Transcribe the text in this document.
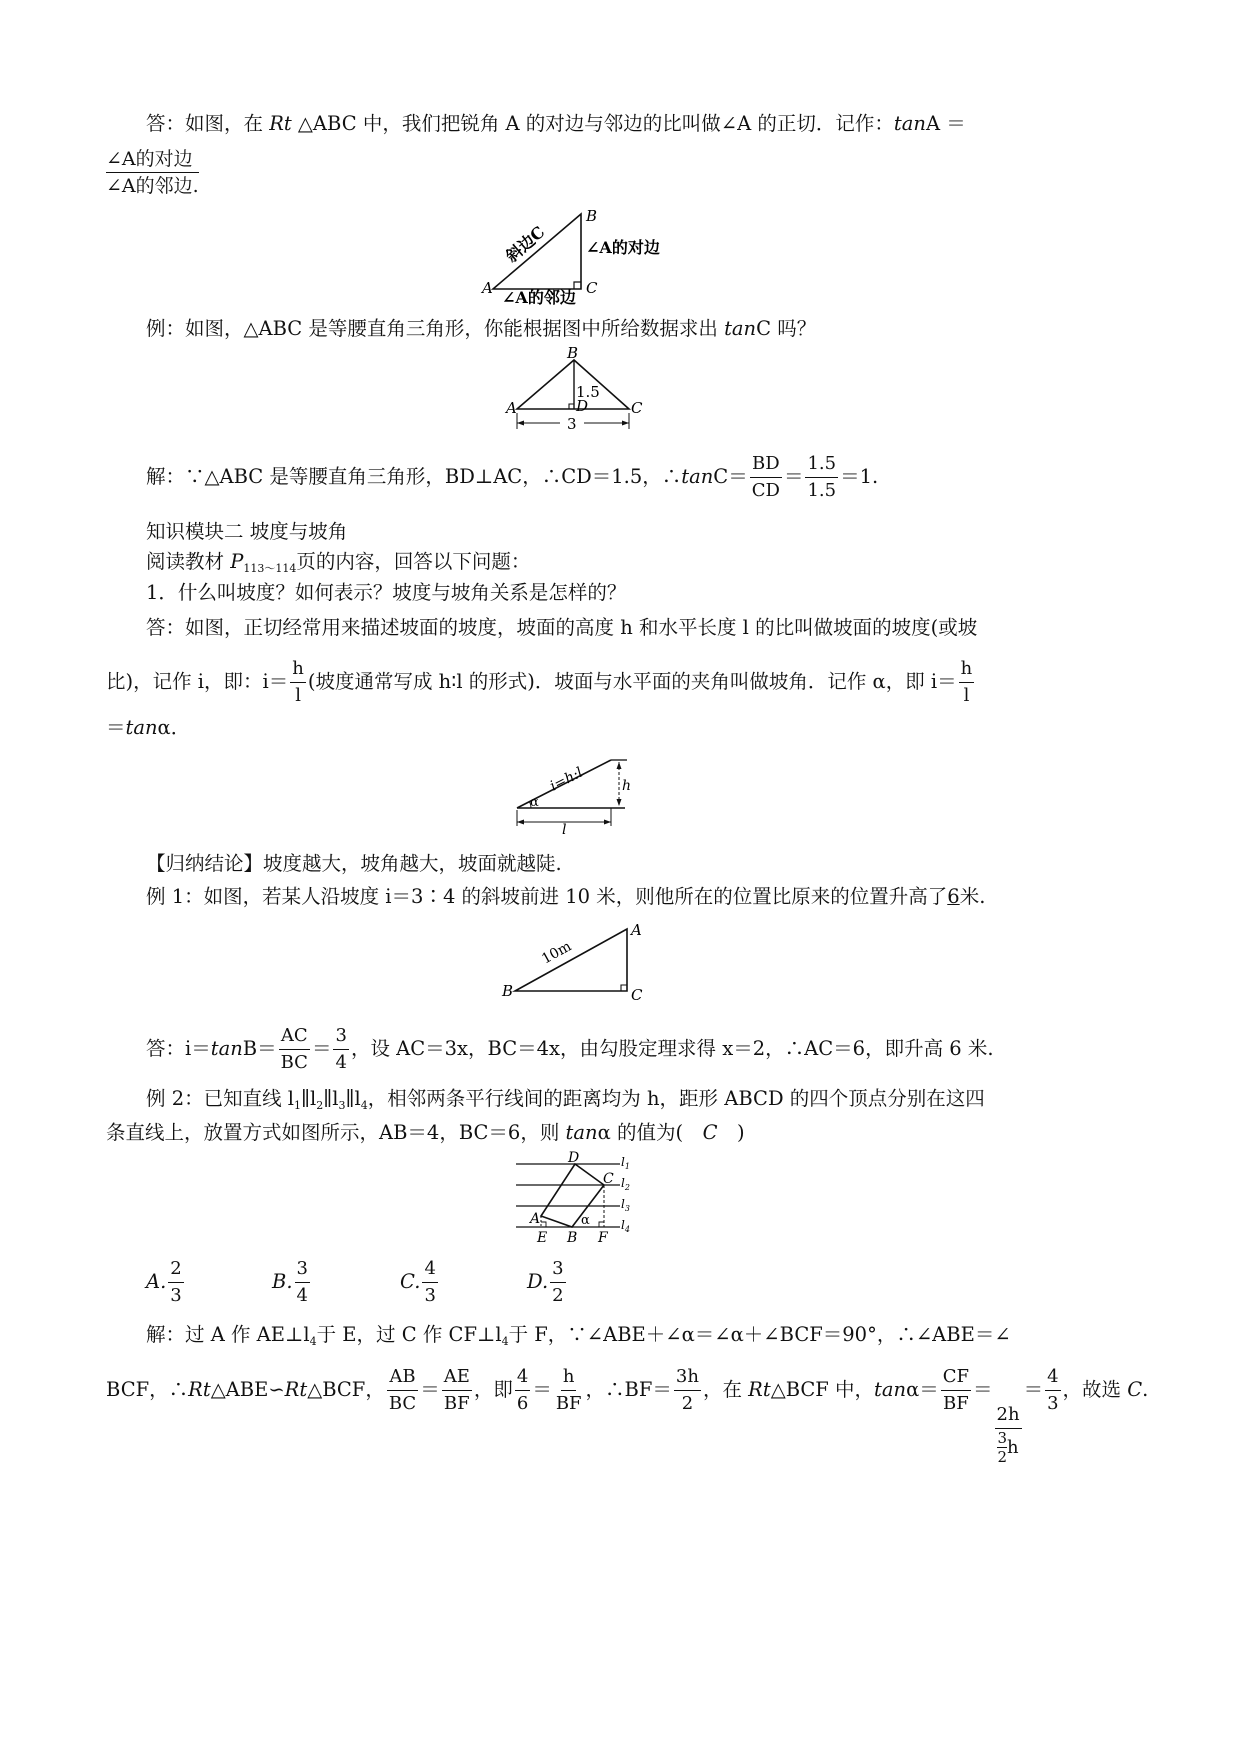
答：如图，在 Rt △ABC 中，我们把锐角 A 的对边与邻边的比叫做∠A 的正切．记作：tanA ＝
∠A的对边
∠A的邻边.
B
A	C
斜边C ∠A的对边
∠A的邻边
例：如图，△ABC 是等腰直角三角形，你能根据图中所给数据求出 tanC 吗？
B
A	C
D
1.5
3
解：∵△ABC 是等腰直角三角形，BD⊥AC，∴CD＝1.5，∴tanC＝ $\frac{BD}{CD} = \frac{1.5}{1.5} =1$.
知识模块二 坡度与坡角
阅读教材 $P_{113\sim 114}$页的内容，回答以下问题：
1．什么叫坡度？如何表示？坡度与坡角关系是怎样的？
答：如图，正切经常用来描述坡面的坡度，坡面的高度 h 和水平长度 l 的比叫做坡面的坡度(或坡
比)，记作 i，即：$i= \frac{h}{l}$ (坡度通常写成 h∶l 的形式)．坡面与水平面的夹角叫做坡角．记作 α，即 $i= \frac{h}{l}$
＝tanα．
i=h:l
α
h
l
【归纳结论】坡度越大，坡角越大，坡面就越陡.
例 1：如图，若某人沿坡度 i＝3∶4 的斜坡前进 10 米，则他所在的位置比原来的位置升高了6米.
A
B	C
10m
答：$i=\tan B= \frac{AC}{BC} = \frac{3}{4}$ ，设 AC＝3x，BC＝4x，由勾股定理求得 x＝2，∴AC＝6，即升高 6 米.
例 2：已知直线 $l_1\parallel l_2\parallel l_3\parallel l_4$，相邻两条平行线间的距离均为 h，距形 ABCD 的四个顶点分别在这四
条直线上，放置方式如图所示，AB＝4，BC＝6，则 tanα 的值为(　C　)
D
C
A
E B F
α
$l_1$
$l_2$
$l_3$
$l_4$
A. $\frac{2}{3}$	B. $\frac{3}{4}$	C. $\frac{4}{3}$	D. $\frac{3}{2}$
解：过 A 作 $AE\perp l_4$于 E，过 C 作 $CF\perp l_4$于 F，∵∠ABE＋∠α＝∠α＋∠BCF＝90°，∴∠ABE＝∠
BCF，∴Rt△ABE∽Rt△BCF， $\frac{AB}{BC} = \frac{AE}{BF}$ ，即 $\frac{4}{6} = \frac{h}{BF}$ ，∴BF＝ $\frac{3h}{2}$ ，在 Rt△BCF 中，$\tan\alpha= \frac{CF}{BF}$ ＝
2h
3
2 h
＝ $\frac{4}{3}$ ，故选 C.
